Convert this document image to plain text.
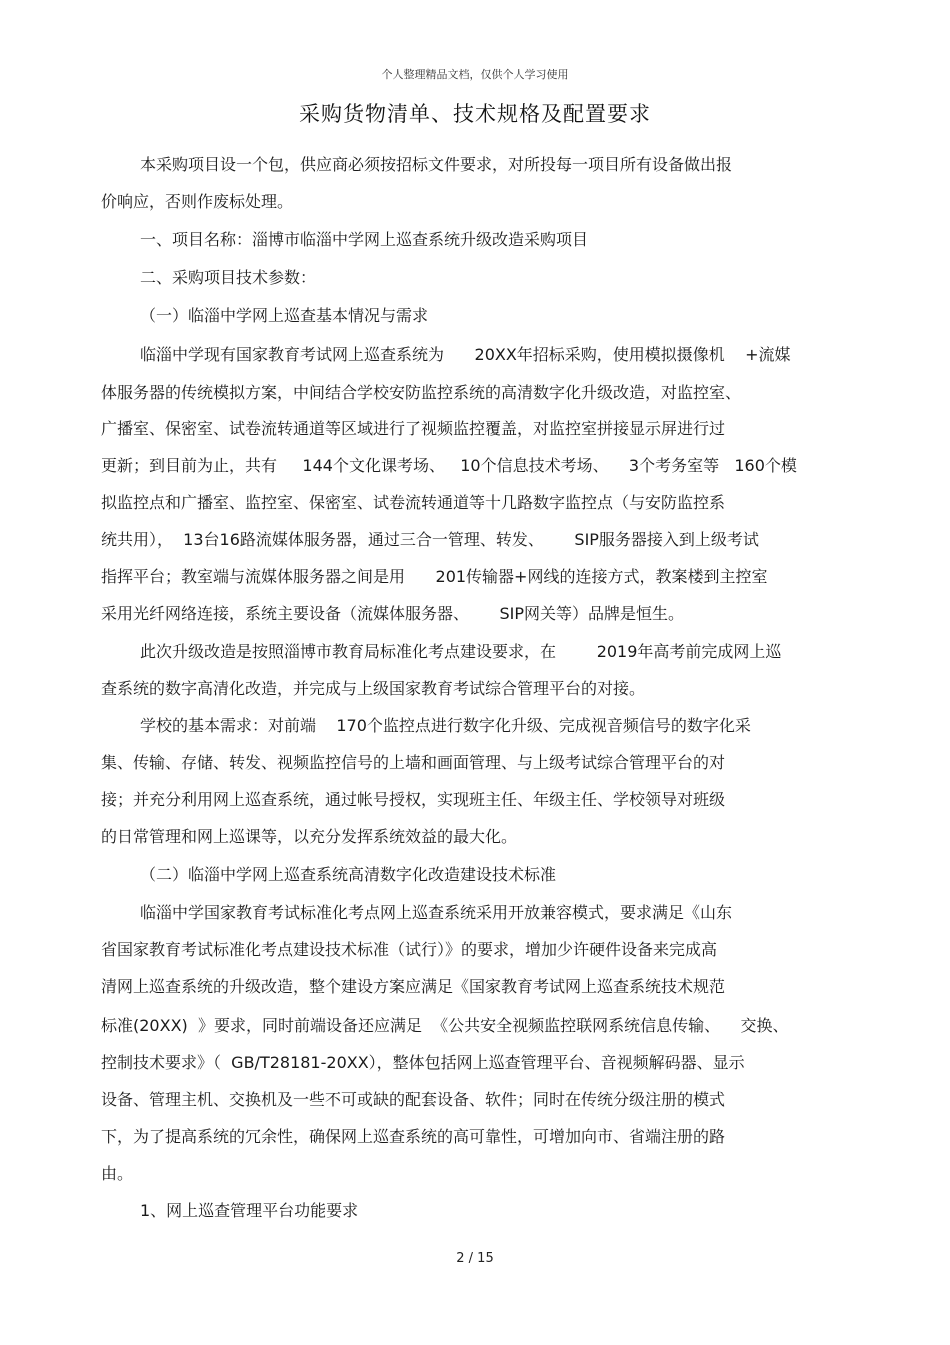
个人整理精品文档，仅供个人学习使用
采购货物清单、技术规格及配置要求
本采购项目设一个包，供应商必须按招标文件要求，对所投每一项目所有设备做出报
价响应，否则作废标处理。
一、项目名称：淄博市临淄中学网上巡查系统升级改造采购项目
二、采购项目技术参数：
（一）临淄中学网上巡查基本情况与需求
临淄中学现有国家教育考试网上巡查系统为      20XX年招标采购，使用模拟摄像机    +流媒
体服务器的传统模拟方案，中间结合学校安防监控系统的高清数字化升级改造，对监控室、
广播室、保密室、试卷流转通道等区域进行了视频监控覆盖，对监控室拼接显示屏进行过
更新；到目前为止，共有     144个文化课考场、   10个信息技术考场、    3个考务室等   160个模
拟监控点和广播室、监控室、保密室、试卷流转通道等十几路数字监控点（与安防监控系
统共用），  13台16路流媒体服务器，通过三合一管理、转发、      SIP服务器接入到上级考试
指挥平台；教室端与流媒体服务器之间是用      201传输器+网线的连接方式，教案楼到主控室
采用光纤网络连接，系统主要设备（流媒体服务器、      SIP网关等）品牌是恒生。
此次升级改造是按照淄博市教育局标准化考点建设要求，在        2019年高考前完成网上巡
查系统的数字高清化改造，并完成与上级国家教育考试综合管理平台的对接。
学校的基本需求：对前端    170个监控点进行数字化升级、完成视音频信号的数字化采
集、传输、存储、转发、视频监控信号的上墙和画面管理、与上级考试综合管理平台的对
接；并充分利用网上巡查系统，通过帐号授权，实现班主任、年级主任、学校领导对班级
的日常管理和网上巡课等，以充分发挥系统效益的最大化。
（二）临淄中学网上巡查系统高清数字化改造建设技术标准
临淄中学国家教育考试标准化考点网上巡查系统采用开放兼容模式，要求满足《山东
省国家教育考试标准化考点建设技术标准（试行）》的要求，增加少许硬件设备来完成高
清网上巡查系统的升级改造，整个建设方案应满足《国家教育考试网上巡查系统技术规范
标准(20XX)  》要求，同时前端设备还应满足  《公共安全视频监控联网系统信息传输、    交换、
控制技术要求》（  GB/T28181-20XX），整体包括网上巡查管理平台、音视频解码器、显示
设备、管理主机、交换机及一些不可或缺的配套设备、软件；同时在传统分级注册的模式
下，为了提高系统的冗余性，确保网上巡查系统的高可靠性，可增加向市、省端注册的路
由。
1、网上巡查管理平台功能要求
2 / 15
